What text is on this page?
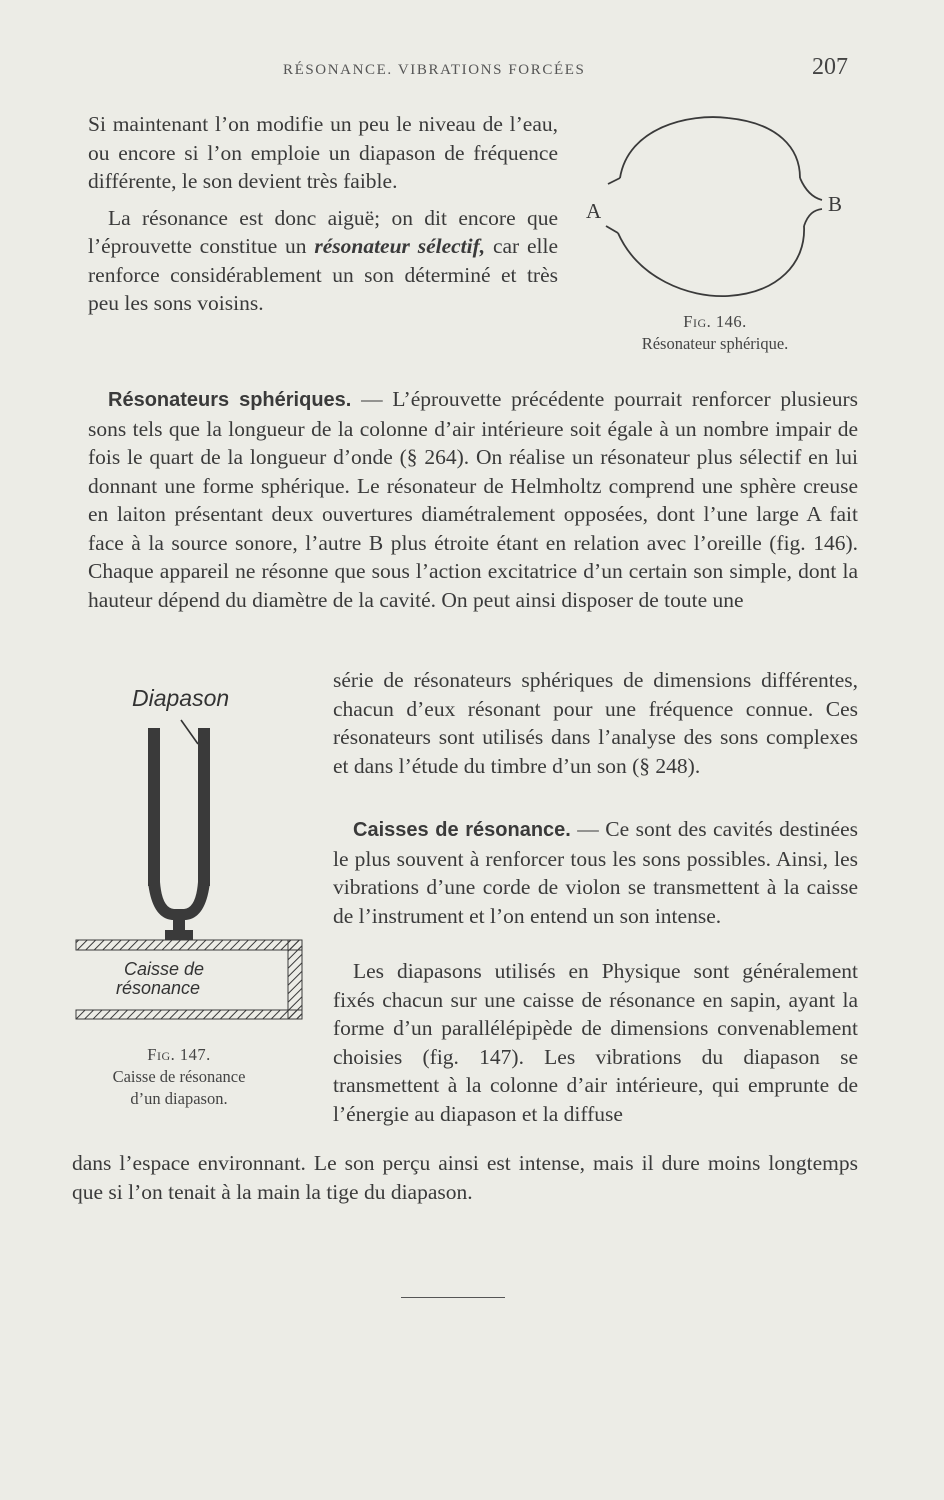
RÉSONANCE. VIBRATIONS FORCÉES	207

Si maintenant l’on modifie un peu le niveau de l’eau, ou encore si l’on emploie un diapason de fréquence différente, le son devient très faible.

La résonance est donc aiguë; on dit encore que l’éprouvette constitue un résonateur sélectif, car elle renforce considérablement un son déterminé et très peu les sons voisins.

A	B
Fig. 146.
Résonateur sphérique.

Résonateurs sphériques. — L’éprouvette précédente pourrait renforcer plusieurs sons tels que la longueur de la colonne d’air intérieure soit égale à un nombre impair de fois le quart de la longueur d’onde (§ 264). On réalise un résonateur plus sélectif en lui donnant une forme sphérique. Le résonateur de Helmholtz comprend une sphère creuse en laiton présentant deux ouvertures diamétralement opposées, dont l’une large A fait face à la source sonore, l’autre B plus étroite étant en relation avec l’oreille (fig. 146). Chaque appareil ne résonne que sous l’action excitatrice d’un certain son simple, dont la hauteur dépend du diamètre de la cavité. On peut ainsi disposer de toute une

série de résonateurs sphériques de dimensions différentes, chacun d’eux résonant pour une fréquence connue. Ces résonateurs sont utilisés dans l’analyse des sons complexes et dans l’étude du timbre d’un son (§ 248).

Caisses de résonance. — Ce sont des cavités destinées le plus souvent à renforcer tous les sons possibles. Ainsi, les vibrations d’une corde de violon se transmettent à la caisse de l’instrument et l’on entend un son intense.

Les diapasons utilisés en Physique sont généralement fixés chacun sur une caisse de résonance en sapin, ayant la forme d’un parallélépipède de dimensions convenablement choisies (fig. 147). Les vibrations du diapason se transmettent à la colonne d’air intérieure, qui emprunte de l’énergie au diapason et la diffuse

Diapason
Caisse de
résonance
Fig. 147.
Caisse de résonance
d’un diapason.

dans l’espace environnant. Le son perçu ainsi est intense, mais il dure moins longtemps que si l’on tenait à la main la tige du diapason.
